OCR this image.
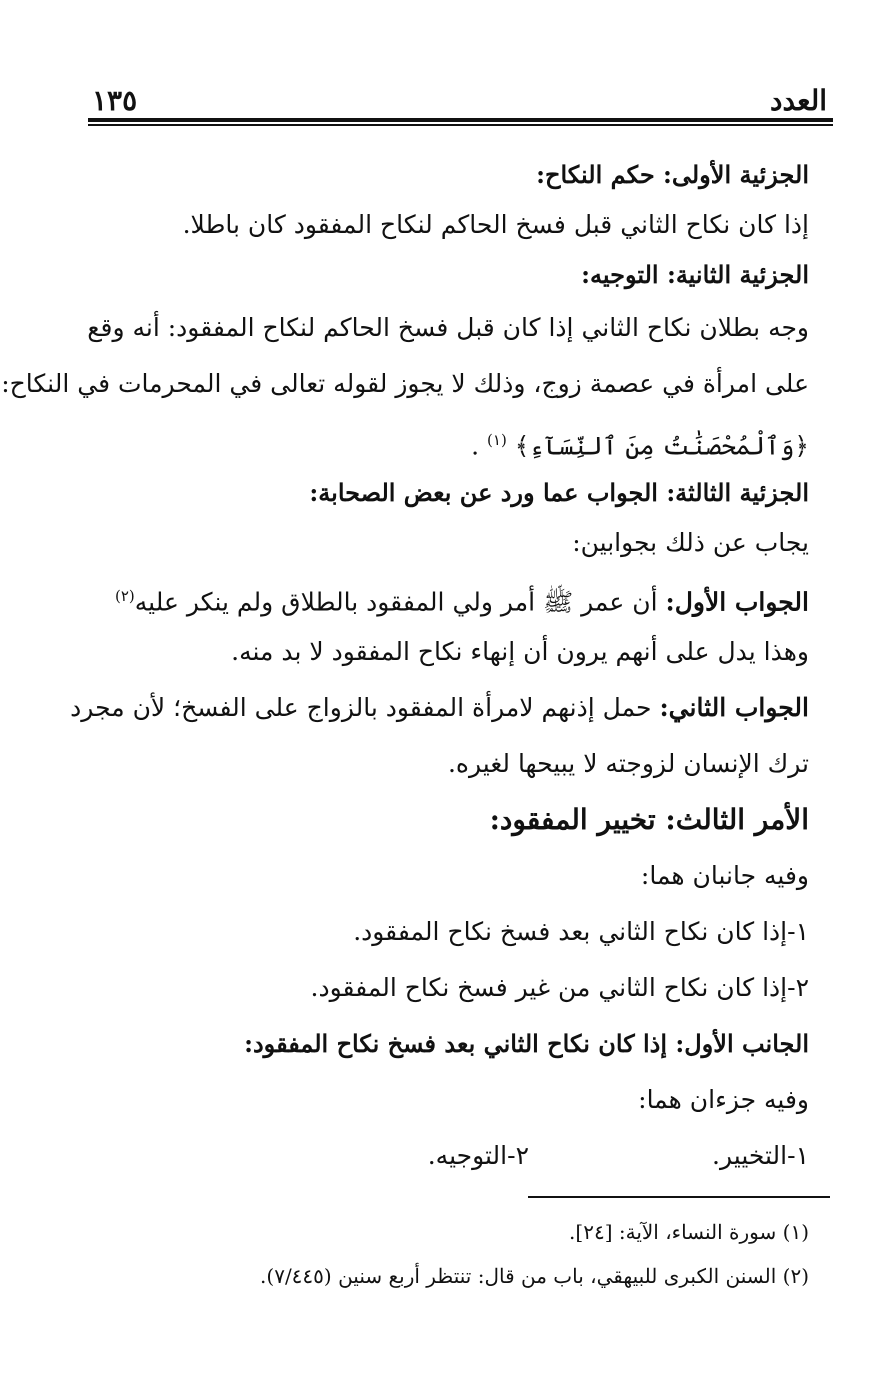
١٣٥	العدد
الجزئية الأولى: حكم النكاح:
إذا كان نكاح الثاني قبل فسخ الحاكم لنكاح المفقود كان باطلا.
الجزئية الثانية: التوجيه:
وجه بطلان نكاح الثاني إذا كان قبل فسخ الحاكم لنكاح المفقود: أنه وقع
على امرأة في عصمة زوج، وذلك لا يجوز لقوله تعالى في المحرمات في النكاح:
﴿وَٱلْمُحْصَنَٰتُ مِنَ ٱلنِّسَآءِ﴾ $^{(١)}$ .
الجزئية الثالثة: الجواب عما ورد عن بعض الصحابة:
يجاب عن ذلك بجوابين:
الجواب الأول: أن عمر ﷺ أمر ولي المفقود بالطلاق ولم ينكر عليه$^{(٢)}$
وهذا يدل على أنهم يرون أن إنهاء نكاح المفقود لا بد منه.
الجواب الثاني: حمل إذنهم لامرأة المفقود بالزواج على الفسخ؛ لأن مجرد
ترك الإنسان لزوجته لا يبيحها لغيره.
الأمر الثالث: تخيير المفقود:
وفيه جانبان هما:
١-إذا كان نكاح الثاني بعد فسخ نكاح المفقود.
٢-إذا كان نكاح الثاني من غير فسخ نكاح المفقود.
الجانب الأول: إذا كان نكاح الثاني بعد فسخ نكاح المفقود:
وفيه جزءان هما:
١-التخيير.
٢-التوجيه.
(١) سورة النساء، الآية: [٢٤].
(٢) السنن الكبرى للبيهقي، باب من قال: تنتظر أربع سنين (٧/٤٤٥).
